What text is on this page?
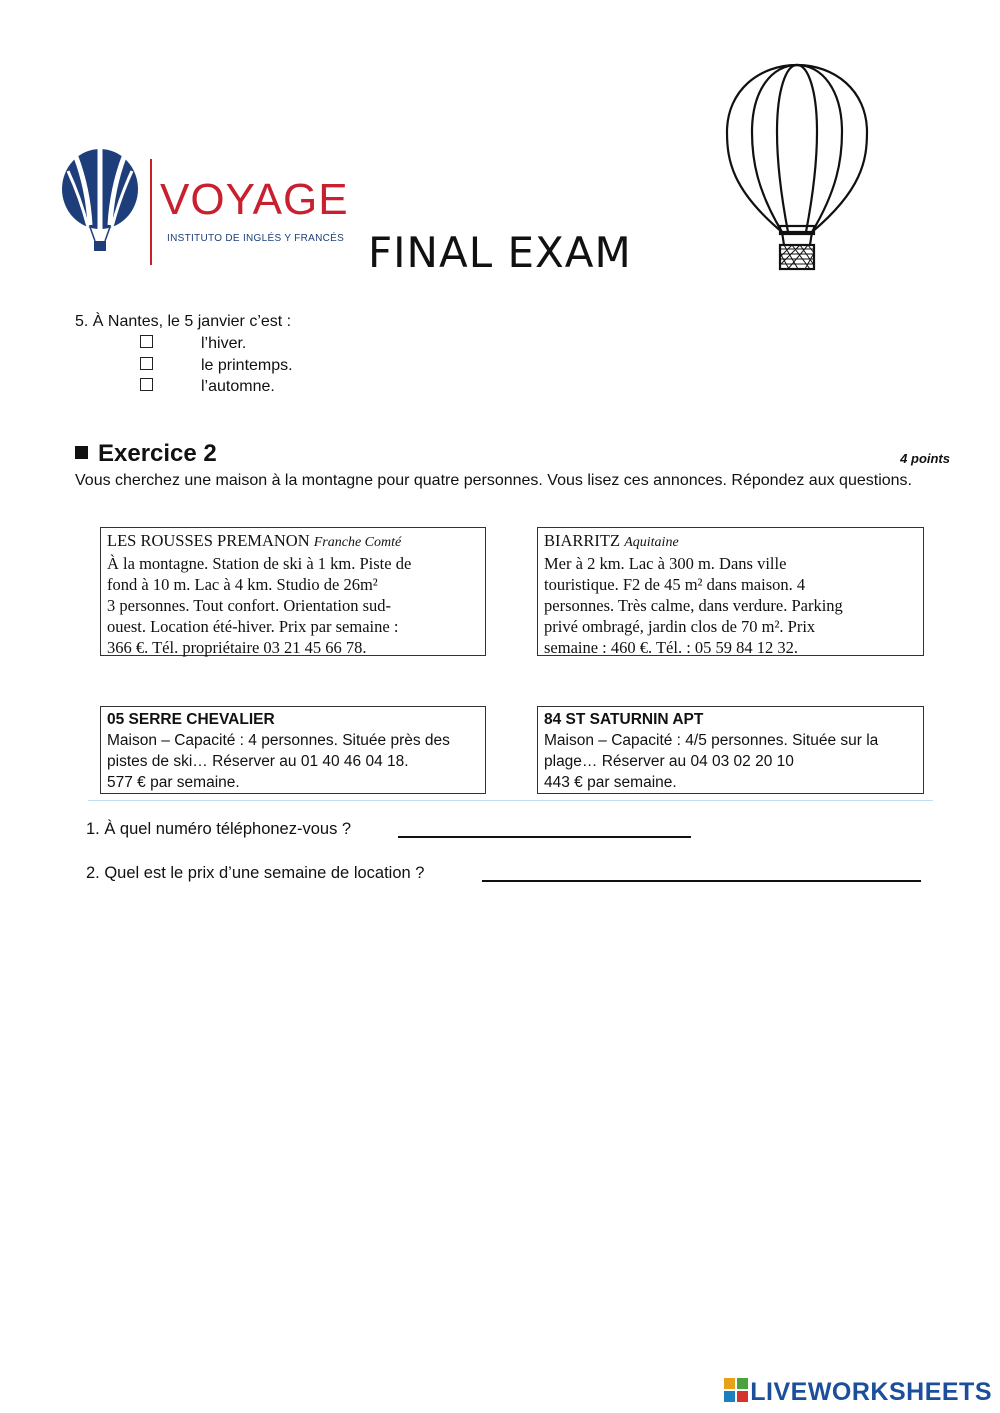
VOYAGE
INSTITUTO DE INGLÉS Y FRANCÉS FINAL EXAM
5. À Nantes, le 5 janvier c’est :
l’hiver.
le printemps.
l’automne.
Exercice 2	4 points
Vous cherchez une maison à la montagne pour quatre personnes. Vous lisez ces annonces. Répondez aux questions.
LES ROUSSES PREMANON Franche Comté
À la montagne. Station de ski à 1 km. Piste de
fond à 10 m. Lac à 4 km. Studio de 26m²
3 personnes. Tout confort. Orientation sud-
ouest. Location été-hiver. Prix par semaine :
366 €. Tél. propriétaire 03 21 45 66 78.
BIARRITZ Aquitaine
Mer à 2 km. Lac à 300 m. Dans ville
touristique. F2 de 45 m² dans maison. 4
personnes. Très calme, dans verdure. Parking
privé ombragé, jardin clos de 70 m². Prix
semaine : 460 €. Tél. : 05 59 84 12 32.
05 SERRE CHEVALIER
Maison – Capacité : 4 personnes. Située près des
pistes de ski… Réserver au 01 40 46 04 18.
577 € par semaine.
84 ST SATURNIN APT
Maison – Capacité : 4/5 personnes. Située sur la
plage… Réserver au 04 03 02 20 10
443 € par semaine.
1. À quel numéro téléphonez-vous ?
2. Quel est le prix d’une semaine de location ?
LIVEWORKSHEETS
